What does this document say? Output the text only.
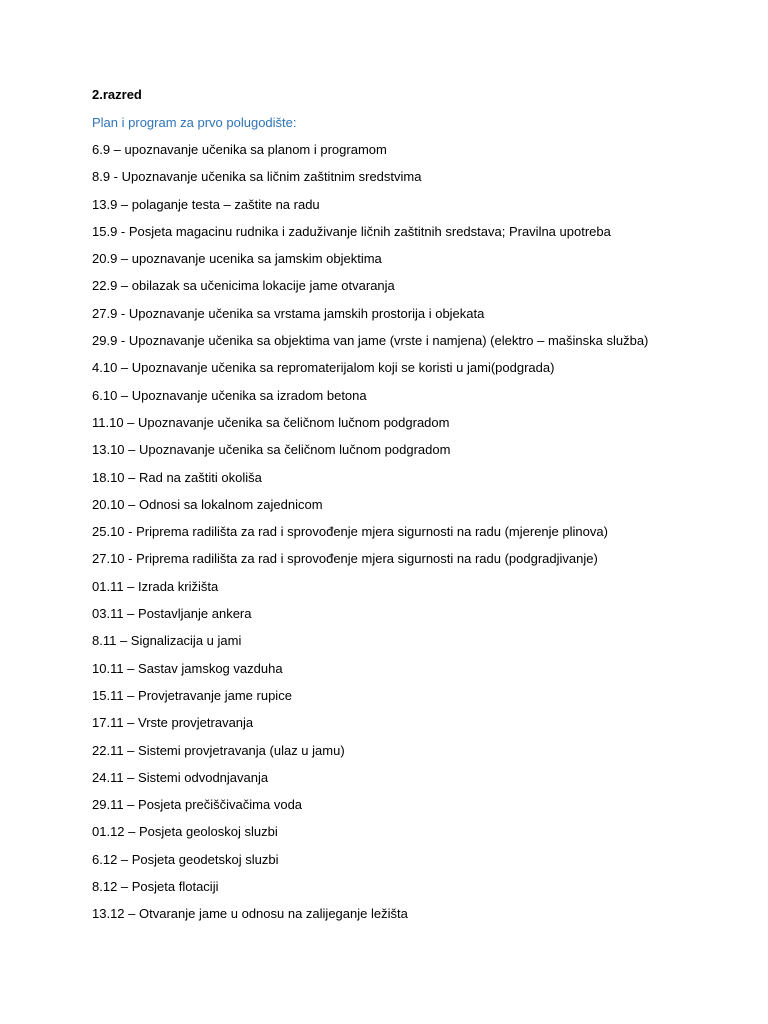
2.razred
Plan i program za prvo polugodište:
6.9 – upoznavanje učenika sa planom i programom
8.9 - Upoznavanje učenika sa ličnim zaštitnim sredstvima
13.9 – polaganje testa – zaštite na radu
15.9 - Posjeta magacinu rudnika i zaduživanje ličnih zaštitnih sredstava; Pravilna upotreba
20.9 – upoznavanje ucenika sa jamskim objektima
22.9 – obilazak sa učenicima lokacije jame otvaranja
27.9 - Upoznavanje učenika sa vrstama jamskih prostorija i objekata
29.9 - Upoznavanje učenika sa objektima van jame (vrste i namjena) (elektro – mašinska služba)
4.10 – Upoznavanje učenika sa repromaterijalom koji se koristi u jami(podgrada)
6.10 – Upoznavanje učenika sa izradom betona
11.10 – Upoznavanje učenika sa čeličnom lučnom podgradom
13.10 – Upoznavanje učenika sa čeličnom lučnom podgradom
18.10 – Rad na zaštiti okoliša
20.10 – Odnosi sa lokalnom zajednicom
25.10 - Priprema radilišta za rad i sprovođenje mjera sigurnosti na radu (mjerenje plinova)
27.10 - Priprema radilišta za rad i sprovođenje mjera sigurnosti na radu (podgradjivanje)
01.11 – Izrada križišta
03.11 – Postavljanje ankera
8.11 – Signalizacija u jami
10.11 – Sastav jamskog vazduha
15.11 – Provjetravanje jame rupice
17.11 – Vrste provjetravanja
22.11 – Sistemi provjetravanja (ulaz u jamu)
24.11 – Sistemi odvodnjavanja
29.11 – Posjeta prečiščivačima voda
01.12 – Posjeta geoloskoj sluzbi
6.12 – Posjeta geodetskoj sluzbi
8.12 – Posjeta flotaciji
13.12 – Otvaranje jame u odnosu na zalijeganje ležišta
